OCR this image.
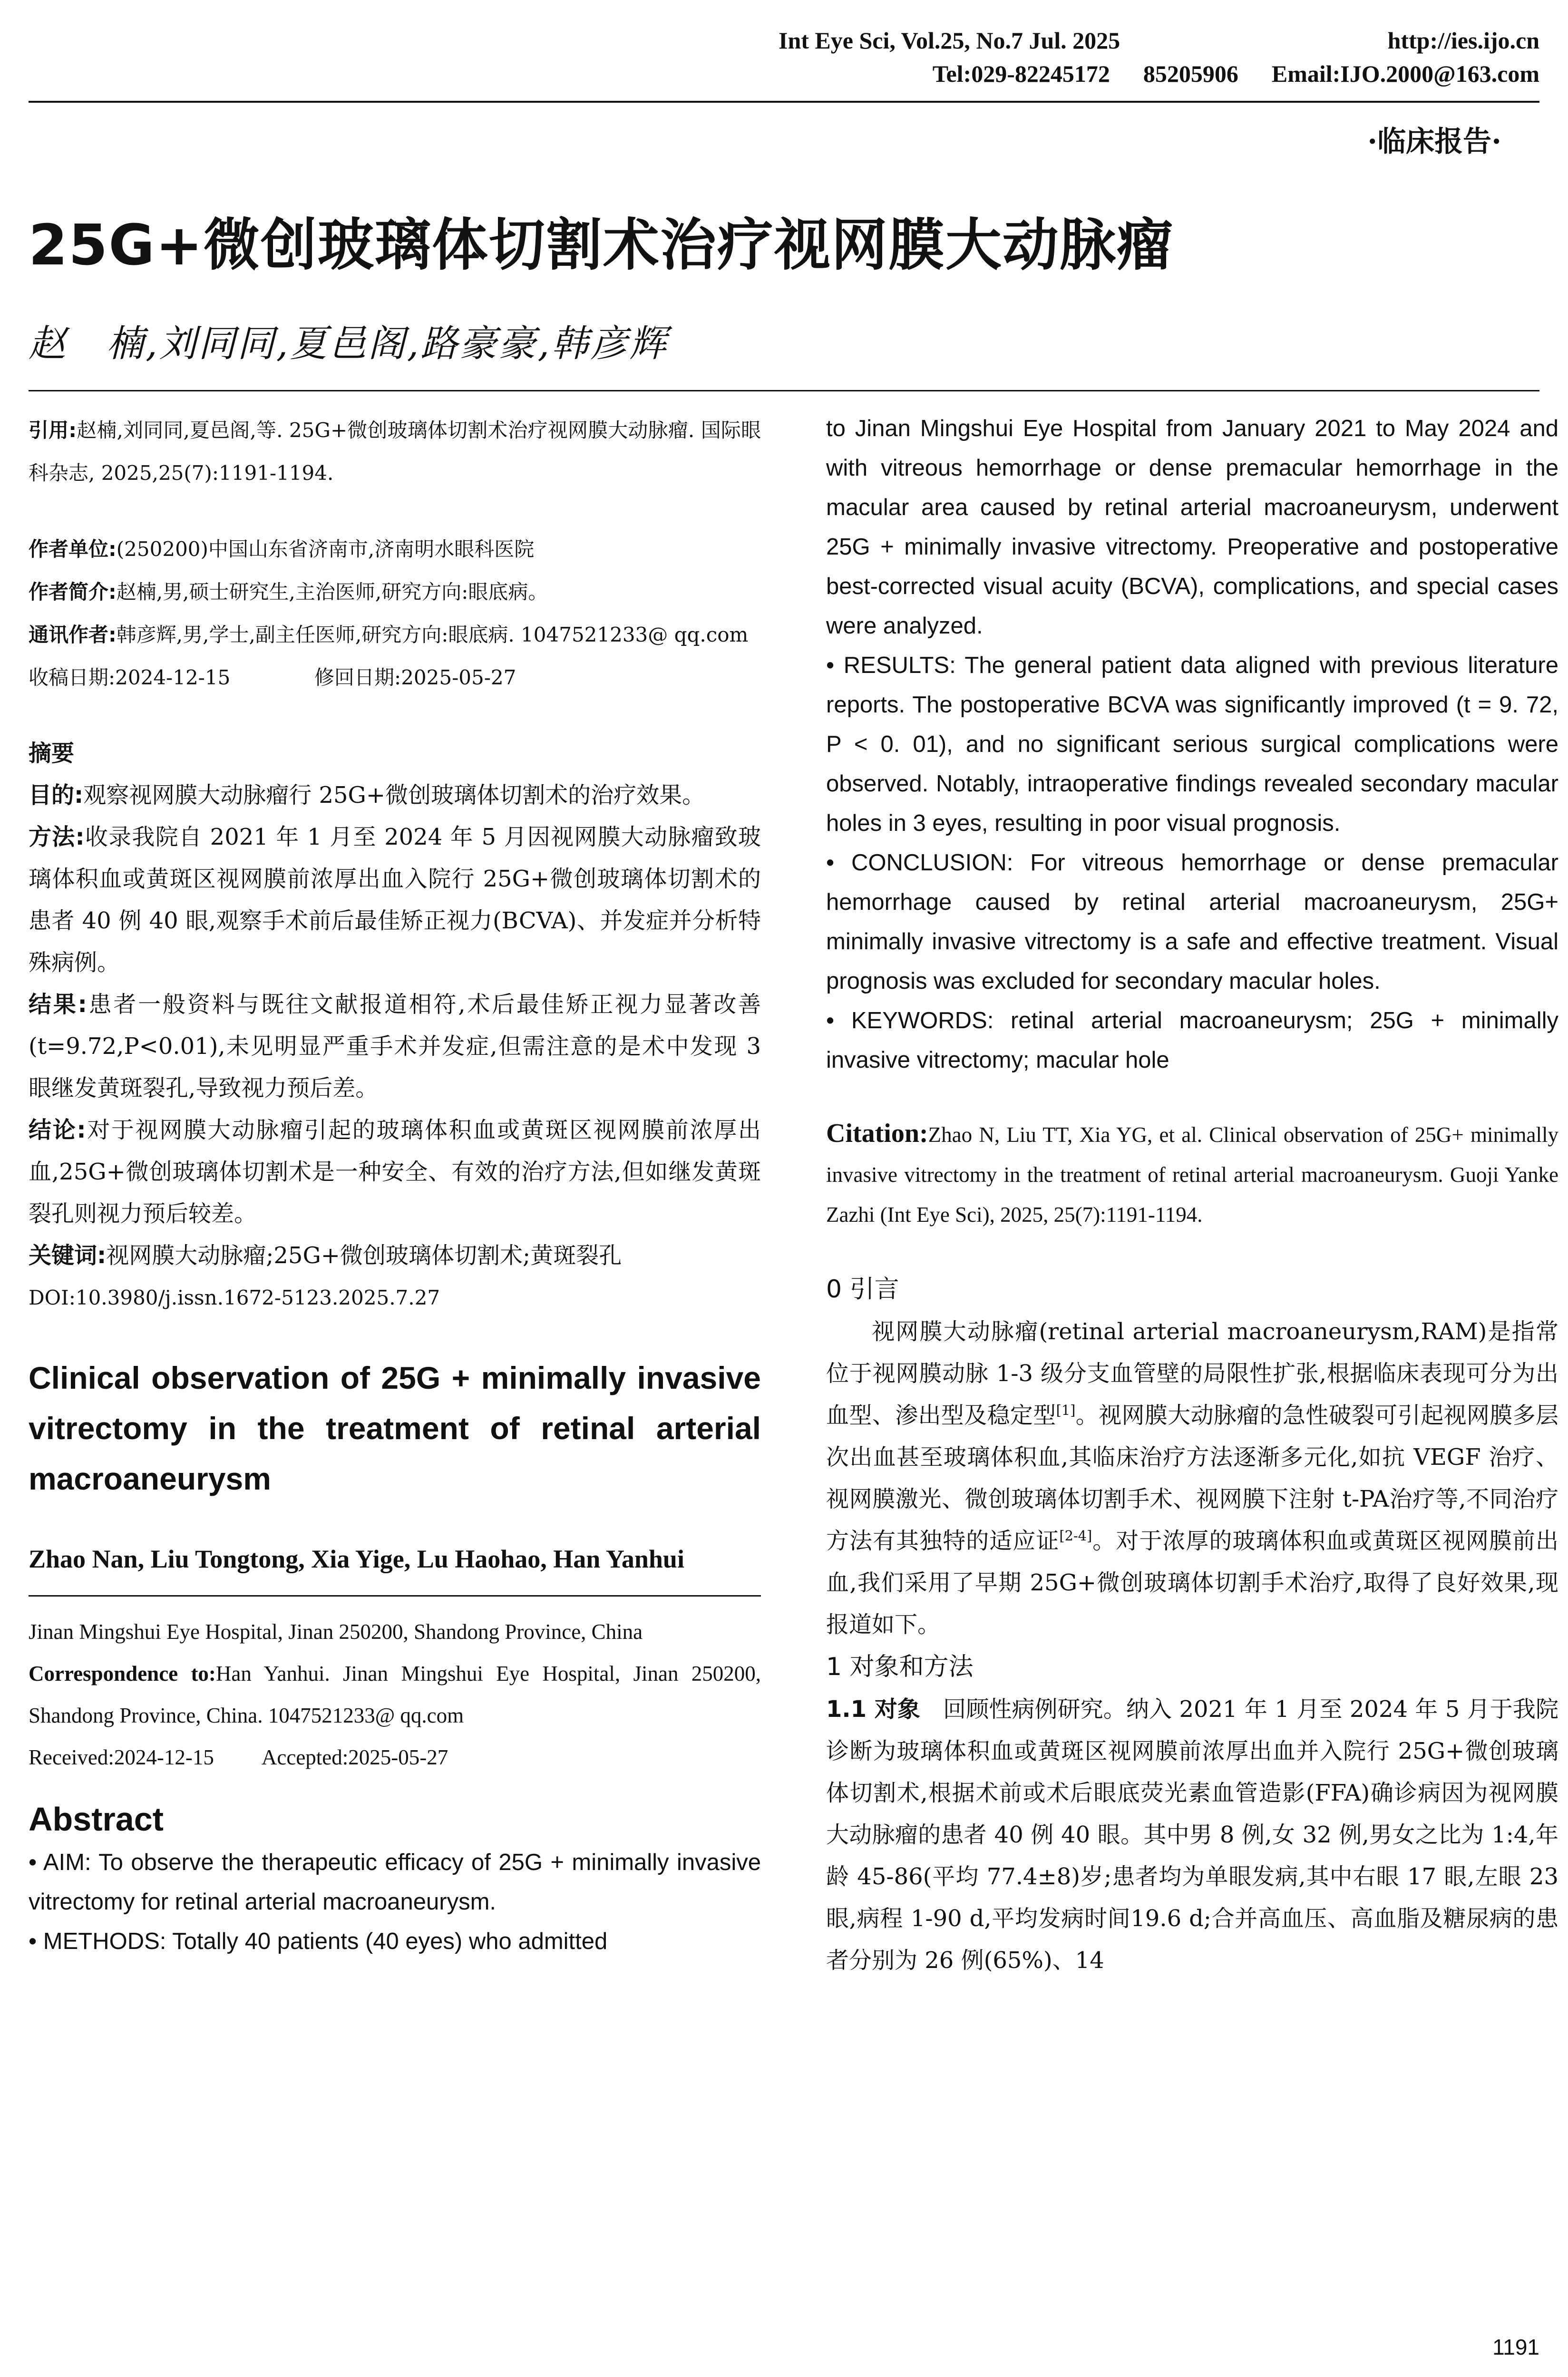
Int Eye Sci, Vol.25, No.7 Jul. 2025	http://ies.ijo.cn
Tel:029-82245172 85205906 Email:IJO.2000@163.com
·临床报告·
25G+微创玻璃体切割术治疗视网膜大动脉瘤
赵　楠,刘同同,夏邑阁,路豪豪,韩彦辉
引用:赵楠,刘同同,夏邑阁,等. 25G+微创玻璃体切割术治疗视网膜大动脉瘤. 国际眼科杂志, 2025,25(7):1191-1194.
作者单位:(250200)中国山东省济南市,济南明水眼科医院
作者简介:赵楠,男,硕士研究生,主治医师,研究方向:眼底病。
通讯作者:韩彦辉,男,学士,副主任医师,研究方向:眼底病. 1047521233@ qq.com
收稿日期:2024-12-15	修回日期:2025-05-27
摘要
目的:观察视网膜大动脉瘤行 25G+微创玻璃体切割术的治疗效果。
方法:收录我院自 2021 年 1 月至 2024 年 5 月因视网膜大动脉瘤致玻璃体积血或黄斑区视网膜前浓厚出血入院行 25G+微创玻璃体切割术的患者 40 例 40 眼,观察手术前后最佳矫正视力(BCVA)、并发症并分析特殊病例。
结果:患者一般资料与既往文献报道相符,术后最佳矫正视力显著改善(t=9.72,P<0.01),未见明显严重手术并发症,但需注意的是术中发现 3 眼继发黄斑裂孔,导致视力预后差。
结论:对于视网膜大动脉瘤引起的玻璃体积血或黄斑区视网膜前浓厚出血,25G+微创玻璃体切割术是一种安全、有效的治疗方法,但如继发黄斑裂孔则视力预后较差。
关键词:视网膜大动脉瘤;25G+微创玻璃体切割术;黄斑裂孔
DOI:10.3980/j.issn.1672-5123.2025.7.27
Clinical observation of 25G + minimally invasive vitrectomy in the treatment of retinal arterial macroaneurysm
Zhao Nan, Liu Tongtong, Xia Yige, Lu Haohao, Han Yanhui
Jinan Mingshui Eye Hospital, Jinan 250200, Shandong Province, China
Correspondence to:Han Yanhui. Jinan Mingshui Eye Hospital, Jinan 250200, Shandong Province, China. 1047521233@ qq.com
Received:2024-12-15 Accepted:2025-05-27
Abstract
• AIM: To observe the therapeutic efficacy of 25G + minimally invasive vitrectomy for retinal arterial macroaneurysm.
• METHODS: Totally 40 patients (40 eyes) who admitted
to Jinan Mingshui Eye Hospital from January 2021 to May 2024 and with vitreous hemorrhage or dense premacular hemorrhage in the macular area caused by retinal arterial macroaneurysm, underwent 25G + minimally invasive vitrectomy. Preoperative and postoperative best-corrected visual acuity (BCVA), complications, and special cases were analyzed.
• RESULTS: The general patient data aligned with previous literature reports. The postoperative BCVA was significantly improved (t = 9. 72, P < 0. 01), and no significant serious surgical complications were observed. Notably, intraoperative findings revealed secondary macular holes in 3 eyes, resulting in poor visual prognosis.
• CONCLUSION: For vitreous hemorrhage or dense premacular hemorrhage caused by retinal arterial macroaneurysm, 25G+ minimally invasive vitrectomy is a safe and effective treatment. Visual prognosis was excluded for secondary macular holes.
• KEYWORDS: retinal arterial macroaneurysm; 25G + minimally invasive vitrectomy; macular hole
Citation:Zhao N, Liu TT, Xia YG, et al. Clinical observation of 25G+ minimally invasive vitrectomy in the treatment of retinal arterial macroaneurysm. Guoji Yanke Zazhi (Int Eye Sci), 2025, 25(7):1191-1194.
0 引言
视网膜大动脉瘤(retinal arterial macroaneurysm,RAM)是指常位于视网膜动脉 1-3 级分支血管壁的局限性扩张,根据临床表现可分为出血型、渗出型及稳定型[1]。视网膜大动脉瘤的急性破裂可引起视网膜多层次出血甚至玻璃体积血,其临床治疗方法逐渐多元化,如抗 VEGF 治疗、视网膜激光、微创玻璃体切割手术、视网膜下注射 t-PA治疗等,不同治疗方法有其独特的适应证[2-4]。对于浓厚的玻璃体积血或黄斑区视网膜前出血,我们采用了早期 25G+微创玻璃体切割手术治疗,取得了良好效果,现报道如下。
1 对象和方法
1.1 对象　回顾性病例研究。纳入 2021 年 1 月至 2024 年 5 月于我院诊断为玻璃体积血或黄斑区视网膜前浓厚出血并入院行 25G+微创玻璃体切割术,根据术前或术后眼底荧光素血管造影(FFA)确诊病因为视网膜大动脉瘤的患者 40 例 40 眼。其中男 8 例,女 32 例,男女之比为 1:4,年龄 45-86(平均 77.4±8)岁;患者均为单眼发病,其中右眼 17 眼,左眼 23 眼,病程 1-90 d,平均发病时间19.6 d;合并高血压、高血脂及糖尿病的患者分别为 26 例(65%)、14
1191
